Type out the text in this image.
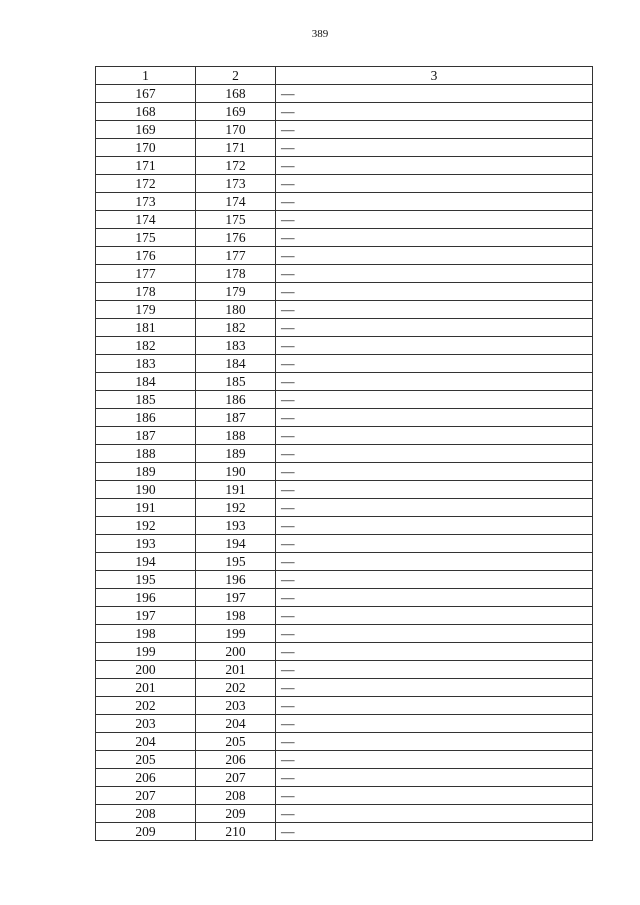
389
1	2	3
167	168	—
168	169	—
169	170	—
170	171	—
171	172	—
172	173	—
173	174	—
174	175	—
175	176	—
176	177	—
177	178	—
178	179	—
179	180	—
181	182	—
182	183	—
183	184	—
184	185	—
185	186	—
186	187	—
187	188	—
188	189	—
189	190	—
190	191	—
191	192	—
192	193	—
193	194	—
194	195	—
195	196	—
196	197	—
197	198	—
198	199	—
199	200	—
200	201	—
201	202	—
202	203	—
203	204	—
204	205	—
205	206	—
206	207	—
207	208	—
208	209	—
209	210	—
